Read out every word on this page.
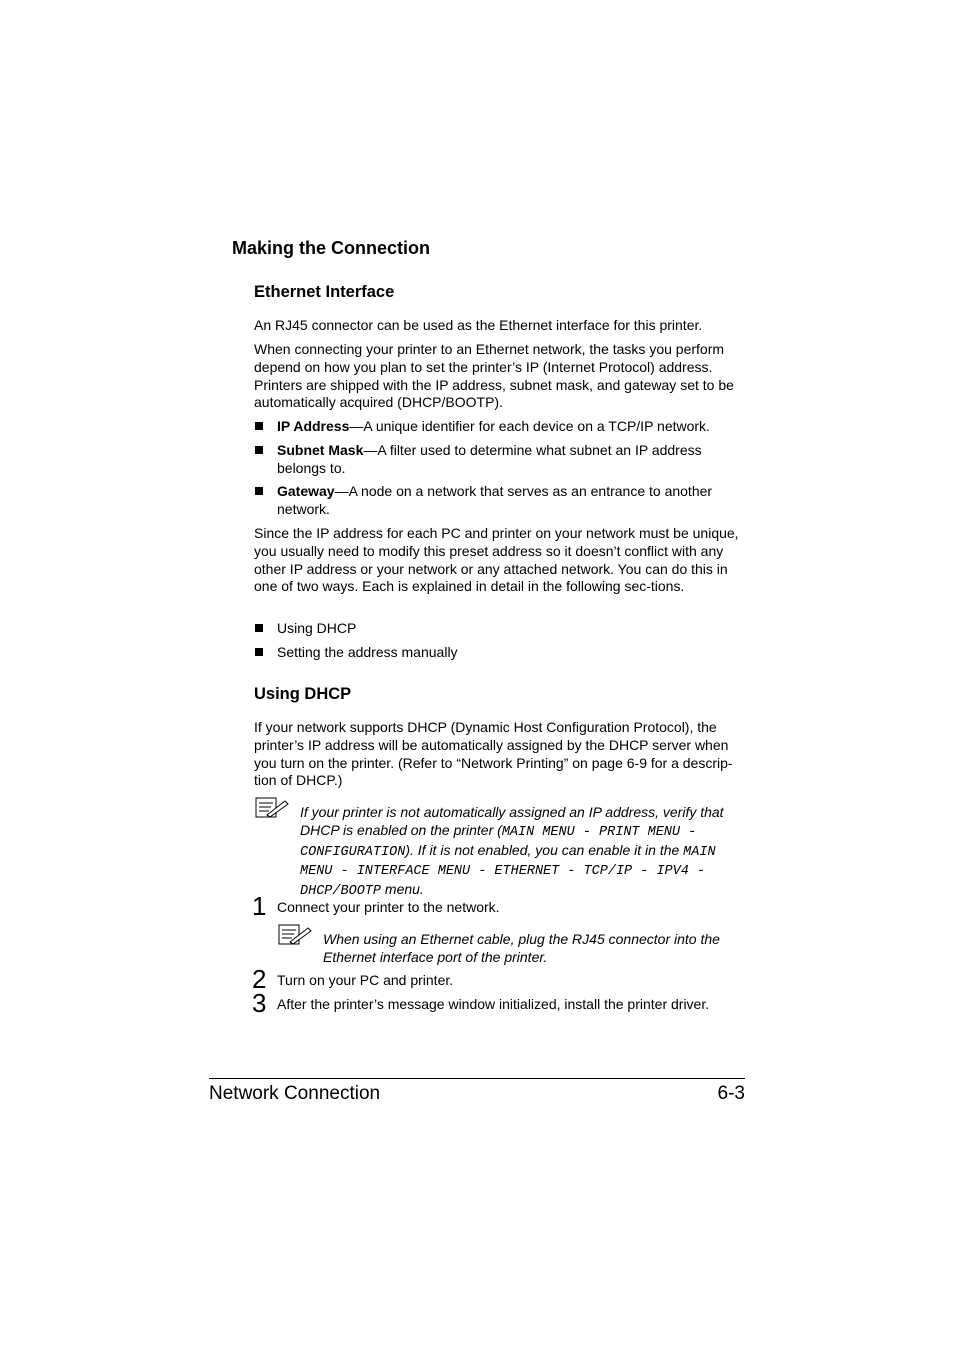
Making the Connection
Ethernet Interface
An RJ45 connector can be used as the Ethernet interface for this printer.
When connecting your printer to an Ethernet network, the tasks you perform depend on how you plan to set the printer’s IP (Internet Protocol) address. Printers are shipped with the IP address, subnet mask, and gateway set to be automatically acquired (DHCP/BOOTP).
IP Address—A unique identifier for each device on a TCP/IP network.
Subnet Mask—A filter used to determine what subnet an IP address belongs to.
Gateway—A node on a network that serves as an entrance to another network.
Since the IP address for each PC and printer on your network must be unique, you usually need to modify this preset address so it doesn’t conflict with any other IP address or your network or any attached network. You can do this in one of two ways. Each is explained in detail in the following sec-tions.
Using DHCP
Setting the address manually
Using DHCP
If your network supports DHCP (Dynamic Host Configuration Protocol), the printer’s IP address will be automatically assigned by the DHCP server when you turn on the printer. (Refer to “Network Printing” on page 6-9 for a descrip-tion of DHCP.)
If your printer is not automatically assigned an IP address, verify that DHCP is enabled on the printer (MAIN MENU - PRINT MENU - CONFIGURATION). If it is not enabled, you can enable it in the MAIN MENU - INTERFACE MENU - ETHERNET - TCP/IP - IPV4 - DHCP/BOOTP menu.
1 Connect your printer to the network.
When using an Ethernet cable, plug the RJ45 connector into the Ethernet interface port of the printer.
2 Turn on your PC and printer.
3 After the printer’s message window initialized, install the printer driver.
Network Connection	6-3
